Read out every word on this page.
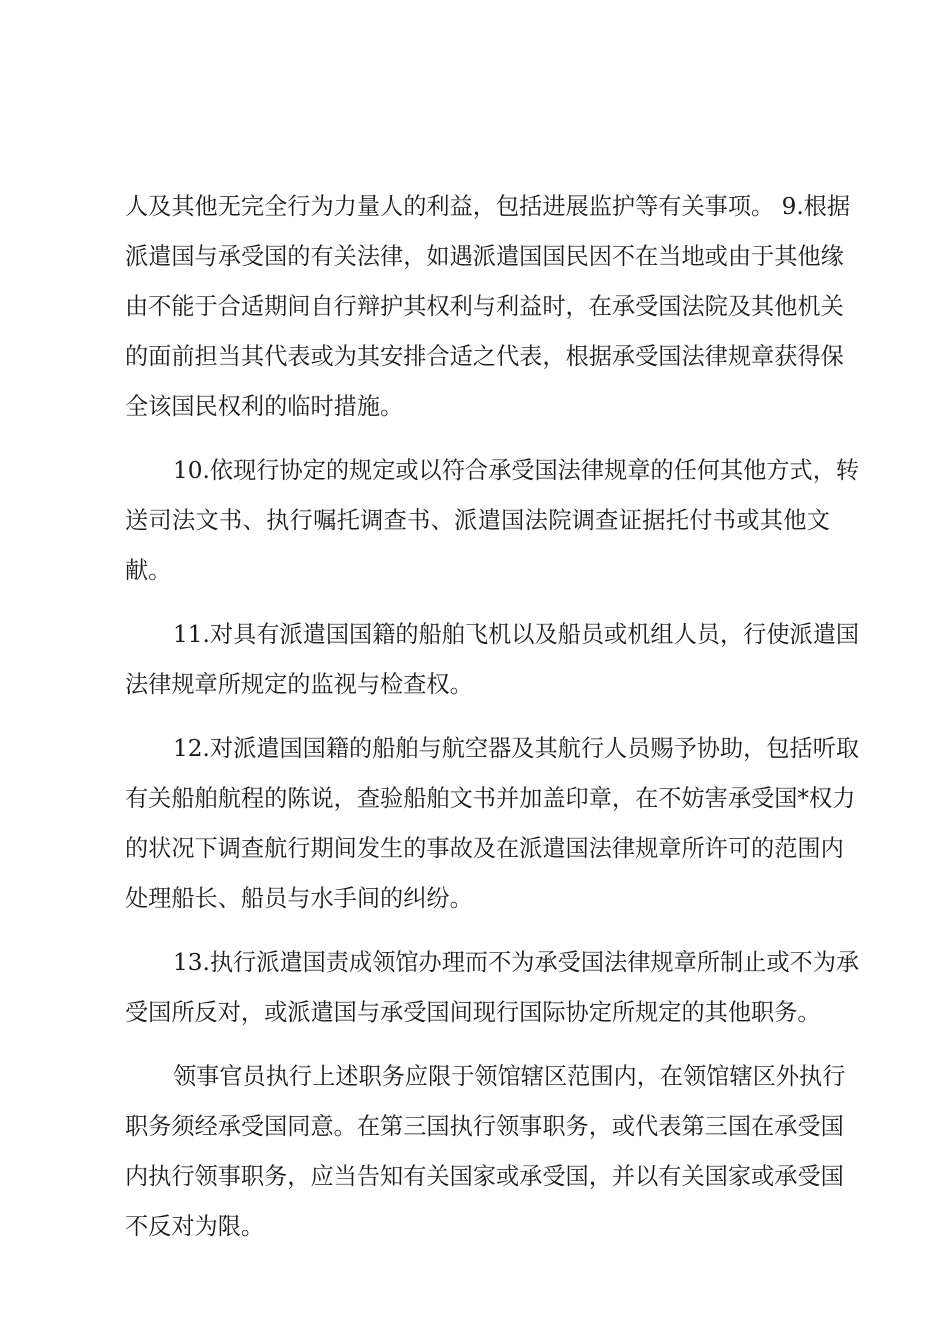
人及其他无完全行为力量人的利益，包括进展监护等有关事项。 9.根据
派遣国与承受国的有关法律，如遇派遣国国民因不在当地或由于其他缘
由不能于合适期间自行辩护其权利与利益时，在承受国法院及其他机关
的面前担当其代表或为其安排合适之代表，根据承受国法律规章获得保
全该国民权利的临时措施。
10.依现行协定的规定或以符合承受国法律规章的任何其他方式，转
送司法文书、执行嘱托调查书、派遣国法院调查证据托付书或其他文
献。
11.对具有派遣国国籍的船舶飞机以及船员或机组人员，行使派遣国
法律规章所规定的监视与检查权。
12.对派遣国国籍的船舶与航空器及其航行人员赐予协助，包括听取
有关船舶航程的陈说，查验船舶文书并加盖印章，在不妨害承受国*权力
的状况下调查航行期间发生的事故及在派遣国法律规章所许可的范围内
处理船长、船员与水手间的纠纷。
13.执行派遣国责成领馆办理而不为承受国法律规章所制止或不为承
受国所反对，或派遣国与承受国间现行国际协定所规定的其他职务。
领事官员执行上述职务应限于领馆辖区范围内，在领馆辖区外执行
职务须经承受国同意。在第三国执行领事职务，或代表第三国在承受国
内执行领事职务，应当告知有关国家或承受国，并以有关国家或承受国
不反对为限。
